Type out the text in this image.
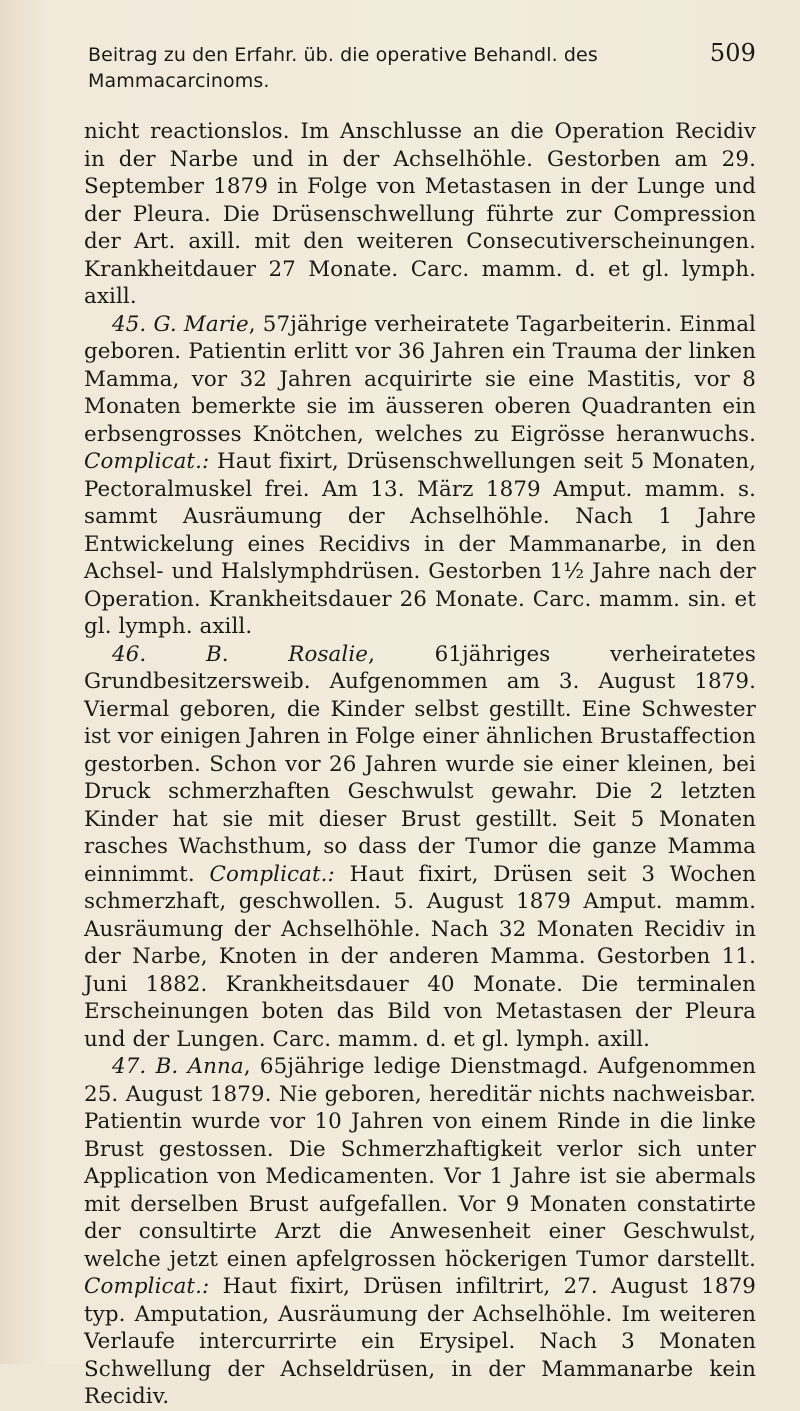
Beitrag zu den Erfahr. üb. die operative Behandl. des Mammacarcinoms.
509

nicht reactionslos. Im Anschlusse an die Operation Recidiv in der Narbe und in der Achselhöhle. Gestorben am 29. September 1879 in Folge von Metastasen in der Lunge und der Pleura. Die Drüsenschwellung führte zur Compression der Art. axill. mit den weiteren Consecutiverscheinungen. Krankheitdauer 27 Monate. Carc. mamm. d. et gl. lymph. axill.

45. G. Marie, 57jährige verheiratete Tagarbeiterin. Einmal geboren. Patientin erlitt vor 36 Jahren ein Trauma der linken Mamma, vor 32 Jahren acquirirte sie eine Mastitis, vor 8 Monaten bemerkte sie im äusseren oberen Quadranten ein erbsengrosses Knötchen, welches zu Eigrösse heranwuchs. Complicat.: Haut fixirt, Drüsenschwellungen seit 5 Monaten, Pectoralmuskel frei. Am 13. März 1879 Amput. mamm. s. sammt Ausräumung der Achselhöhle. Nach 1 Jahre Entwickelung eines Recidivs in der Mammanarbe, in den Achsel- und Halslymphdrüsen. Gestorben 1½ Jahre nach der Operation. Krankheitsdauer 26 Monate. Carc. mamm. sin. et gl. lymph. axill.

46.	B. Rosalie, 61jähriges verheiratetes Grundbesitzersweib. Aufgenommen am 3. August 1879. Viermal geboren, die Kinder selbst gestillt. Eine Schwester ist vor einigen Jahren in Folge einer ähnlichen Brustaffection gestorben. Schon vor 26 Jahren wurde sie einer kleinen, bei Druck schmerzhaften Geschwulst gewahr. Die 2 letzten Kinder hat sie mit dieser Brust gestillt. Seit 5 Monaten rasches Wachsthum, so dass der Tumor die ganze Mamma einnimmt. Complicat.: Haut fixirt, Drüsen seit 3 Wochen schmerzhaft, geschwollen. 5. August 1879 Amput. mamm. Ausräumung der Achselhöhle. Nach 32 Monaten Recidiv in der Narbe, Knoten in der anderen Mamma. Gestorben 11. Juni 1882. Krankheitsdauer 40 Monate. Die terminalen Erscheinungen boten das Bild von Metastasen der Pleura und der Lungen. Carc. mamm. d. et gl. lymph. axill.

47. B. Anna, 65jährige ledige Dienstmagd. Aufgenommen 25. August 1879. Nie geboren, hereditär nichts nachweisbar. Patientin wurde vor 10 Jahren von einem Rinde in die linke Brust gestossen. Die Schmerzhaftigkeit verlor sich unter Application von Medicamenten. Vor 1 Jahre ist sie abermals mit derselben Brust aufgefallen. Vor 9 Monaten constatirte der consultirte Arzt die Anwesenheit einer Geschwulst, welche jetzt einen apfelgrossen höckerigen Tumor darstellt. Complicat.: Haut fixirt, Drüsen infiltrirt, 27. August 1879 typ. Amputation, Ausräumung der Achselhöhle. Im weiteren Verlaufe intercurrirte ein Erysipel. Nach 3 Monaten Schwellung der Achseldrüsen, in der Mammanarbe kein Recidiv.
